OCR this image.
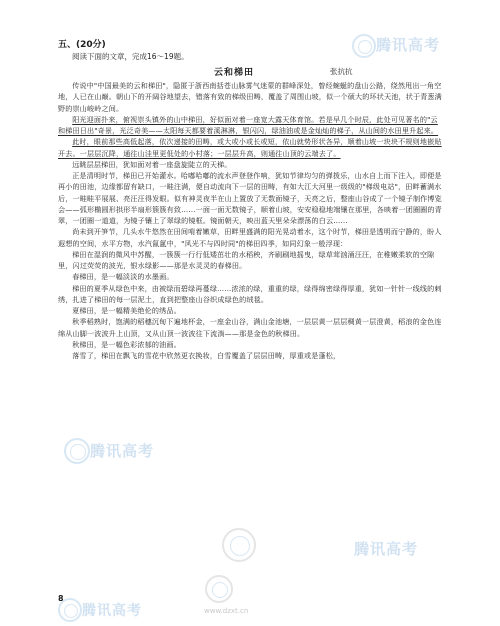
腾讯高考
腾讯高考
腾讯高考
腾讯高考
www.dzxt.cn
五、(20分)
阅读下面的文章，完成16～19题。
云和梯田	张抗抗

传说中"中国最美的云和梯田"，隐匿于浙西南括苍山脉雾气迷蒙的群峰深处，ަ​曾经蜿蜒的盘山公路，绕然甩出一角空地，人已在山巅。朝山下的开阔谷地望去，错落有致的梯级田畴，覆盖了周围山坡，似一个硕大的环状天池，状于青葱满野的崇山峻岭之间。

阳光迎面扑来，俯视崇头镇外的山中梯田，好似面对着一座宽大露天体育馆。若是早几个时辰，此处可见著名的"云和梯田日出"奇景，光泛奇美——太阳每天都要着溪淋淋，银闪闪，绿油油或是金灿灿的梯子，从山间的水田里升起来。

此时，眼前那些高低起落，依次递接的田畴，或大或小或长或短，依山就势形状各异，顺着山坡一块块不规则地嵌贴开去。一层层沉降，通往山洼里更低处的小村落；一层层升高，则通往山顶的云端去了。

远眺层层梯田，犹如面对着一座盘旋陡立的天梯。

正是清明时节，梯田已开始灌水。哈嘟哈嘟的流水声登登作响，犹如节律均匀的弹拨乐，山水自上而下注入，即便是再小的田池，边缘都留有缺口，一畦注满，便自动流向下一层的田畴，有如大江大河里一级级的"梯级电站"，田畔蓄满水后，一畦畦平展展、亮汪汪得发眼。似有神灵夜半在山上置放了无数面镜子，天亮之后，整座山谷成了一个镜子制作博览会——弧形椭圆形拱形半扇形簇簇有致……一面一面无数镜子，顺着山坡，安安稳稳地端镶在那里，各映着一团圈圈的青翠，一团圈一道道，为镜子镶上了翠绿的镜框。镜面朝天，映出蓝天里朵朵漂荡的白云……

尚未到开笋节，几头水牛悠然在田间啃着嫩草，田畔里盛满的阳光晃动着水，这个时节，梯田是透明而宁静的，盼人遐想的空间，水平方物，水汽氤氲中，"风光不与四时同"的梯田四季，如同幻象一般浮现：

梯田在湿润的微风中苏醒，一簇簇一行行低矮茁壮的水稻秧，齐刷刷地摇曳，绿草茸汹涌汪汪，在稚嫩柔软的空隙里，闪过荧荧的波光，银水绿影——那是水灵灵的春梯田。

春梯田，是一幅淡淡的水墨画。

梯田的夏季从绿色中来，由被绿而碧绿再蔓绿……浓浓的绿，重重的绿，绿得绵密绿得厚重，犹如一针针一线线的刺绣，扎进了梯田的每一层泥土，直到把整座山谷织成绿色的绒毯。

夏梯田，是一幅精美绝伦的绣品。

秋季稻熟时，饱满的稻穗沉甸下遍地杯金，一座金山谷，满山金池塘，一层层黄一层层稠黄一层澄黄，稻浪的金色连绵从山脚一波波升上山顶，又从山顶一波波往下流淌——那是金色的秋梯田。

秋梯田，是一幅色彩浓郁的油画。

落雪了，梯田在飘飞的雪花中欣然更衣换妆，白雪覆盖了层层田畴，厚重或是蓬松，

8
